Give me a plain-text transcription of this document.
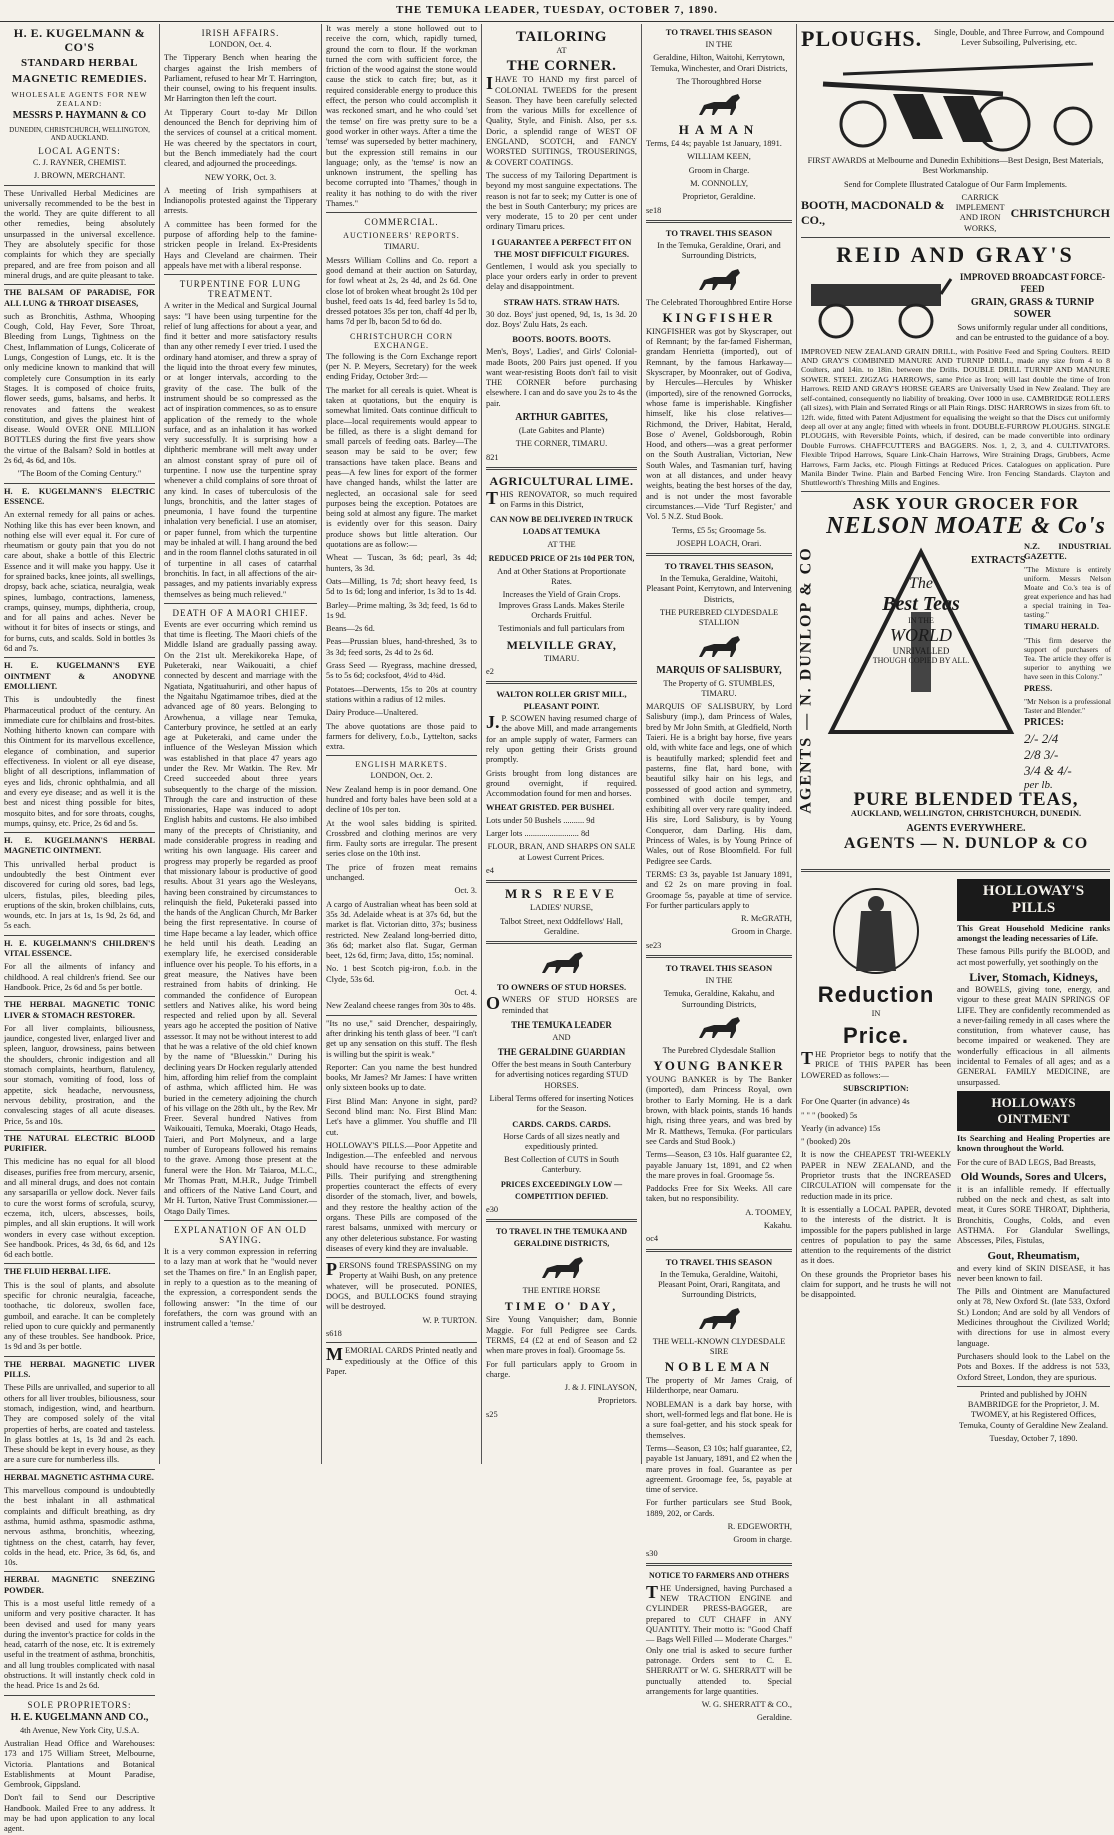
THE TEMUKA LEADER, TUESDAY, OCTOBER 7, 1890.
H. E. KUGELMANN & CO'S
STANDARD HERBAL
MAGNETIC REMEDIES.
WHOLESALE AGENTS FOR NEW ZEALAND:
MESSRS P. HAYMANN & CO
DUNEDIN, CHRISTCHURCH, WELLINGTON, AND AUCKLAND.
LOCAL AGENTS:
C. J. RAYNER, CHEMIST.
J. BROWN, MERCHANT.

These Unrivalled Herbal Medicines are universally recommended to be the best in the world. They are quite different to all other remedies, being absolutely unsurpassed in the universal excellence. They are absolutely specific for those complaints for which they are specially prepared, and are free from poison and all mineral drugs, and are quite pleasant to take.

THE BALSAM OF PARADISE, FOR ALL LUNG & THROAT DISEASES,

such as Bronchitis, Asthma, Whooping Cough, Cold, Hay Fever, Sore Throat, Bleeding from Lungs, Tightness on the Chest, Inflammation of Lungs, Colicerate of Lungs, Congestion of Lungs, etc. It is the only medicine known to mankind that will completely cure Consumption in its early Stages. It is composed of choice fruits, flower seeds, gums, balsams, and herbs. It renovates and fattens the weakest constitution, and gives the plainest hint of disease. Would OVER ONE MILLION BOTTLES during the first five years show the virtue of the Balsam? Sold in bottles at 2s 6d, 4s 6d, and 10s.

"The Boom of the Coming Century."

H. E. KUGELMANN'S ELECTRIC ESSENCE.

An external remedy for all pains or aches. Nothing like this has ever been known, and nothing else will ever equal it. For cure of rheumatism or gouty pain that you do not care about, shake a bottle of this Electric Essence and it will make you happy. Use it for sprained backs, knee joints, all swellings, dropsy, back ache, sciatica, neuralgia, weak spines, lumbago, contractions, lameness, cramps, quinsey, mumps, diphtheria, croup, and for all pains and aches. Never be without it for bites of insects or stings, and for burns, cuts, and scalds. Sold in bottles 3s 6d and 7s.

H. E. KUGELMANN'S EYE OINTMENT & ANODYNE EMOLLIENT.

This is undoubtedly the finest Pharmaceutical product of the century. An immediate cure for chilblains and frost-bites. Nothing hitherto known can compare with this Ointment for its marvellous excellence, elegance of combination, and superior effectiveness. In violent or all eye disease, blight of all descriptions, inflammation of eyes and lids, chronic ophthalmia, and all and every eye disease; and as well it is the best and nicest thing possible for bites, mosquito bites, and for sore throats, coughs, mumps, quinsy, etc. Price, 2s 6d and 5s.

H. E. KUGELMANN'S HERBAL MAGNETIC OINTMENT.

This unrivalled herbal product is undoubtedly the best Ointment ever discovered for curing old sores, bad legs, ulcers, fistulas, piles, bleeding piles, eruptions of the skin, broken chilblains, cuts, wounds, etc. In jars at 1s, 1s 9d, 2s 6d, and 5s each.

H. E. KUGELMANN'S CHILDREN'S VITAL ESSENCE.

For all the ailments of infancy and childhood. A real children's friend. See our Handbook. Price, 2s 6d and 5s per bottle.

THE HERBAL MAGNETIC TONIC LIVER & STOMACH RESTORER.

For all liver complaints, biliousness, jaundice, congested liver, enlarged liver and spleen, languor, drowsiness, pains between the shoulders, chronic indigestion and all stomach complaints, heartburn, flatulency, sour stomach, vomiting of food, loss of appetite, sick headache, nervousness, nervous debility, prostration, and the convalescing stages of all acute diseases. Price, 5s and 10s.

THE NATURAL ELECTRIC BLOOD PURIFIER.

This medicine has no equal for all blood diseases, purifies free from mercury, arsenic, and all mineral drugs, and does not contain any sarsaparilla or yellow dock. Never fails to cure the worst forms of scrofula, scurvy, eczema, itch, ulcers, abscesses, boils, pimples, and all skin eruptions. It will work wonders in every case without exception. See handbook. Prices, 4s 3d, 6s 6d, and 12s 6d each bottle.

THE FLUID HERBAL LIFE.

This is the soul of plants, and absolute specific for chronic neuralgia, faceache, toothache, tic doloreux, swollen face, gumboil, and earache. It can be completely relied upon to cure quickly and permanently any of these troubles. See handbook. Price, 1s 9d and 3s per bottle.

THE HERBAL MAGNETIC LIVER PILLS.

These Pills are unrivalled, and superior to all others for all liver troubles, biliousness, sour stomach, indigestion, wind, and heartburn. They are composed solely of the vital properties of herbs, are coated and tasteless. In glass bottles at 1s, 1s 3d and 2s each. These should be kept in every house, as they are a sure cure for numberless ills.

HERBAL MAGNETIC ASTHMA CURE.

This marvellous compound is undoubtedly the best inhalant in all asthmatical complaints and difficult breathing, as dry asthma, humid asthma, spasmodic asthma, nervous asthma, bronchitis, wheezing, tightness on the chest, catarrh, hay fever, colds in the head, etc. Price, 3s 6d, 6s, and 10s.

HERBAL MAGNETIC SNEEZING POWDER.

This is a most useful little remedy of a uniform and very positive character. It has been devised and used for many years during the inventor's practice for colds in the head, catarrh of the nose, etc. It is extremely useful in the treatment of asthma, bronchitis, and all lung troubles complicated with nasal obstructions. It will instantly check cold in the head. Price 1s and 2s 6d.

SOLE PROPRIETORS:
H. E. KUGELMANN AND CO.,
4th Avenue, New York City, U.S.A.

Australian Head Office and Warehouses: 173 and 175 William Street, Melbourne, Victoria. Plantations and Botanical Establishments at Mount Paradise, Gembrook, Gippsland.

Don't fail to Send our Descriptive Handbook. Mailed Free to any address. It may be had upon application to any local agent.

IRISH AFFAIRS.
LONDON, Oct. 4.

The Tipperary Bench when hearing the charges against the Irish members of Parliament, refused to hear Mr T. Harrington, their counsel, owing to his frequent insults. Mr Harrington then left the court.

At Tipperary Court to-day Mr Dillon denounced the Bench for depriving him of the services of counsel at a critical moment. He was cheered by the spectators in court, but the Bench immediately had the court cleared, and adjourned the proceedings.

NEW YORK, Oct. 3.

A meeting of Irish sympathisers at Indianopolis protested against the Tipperary arrests.

A committee has been formed for the purpose of affording help to the famine-stricken people in Ireland. Ex-Presidents Hays and Cleveland are chairmen. Their appeals have met with a liberal response.

TURPENTINE FOR LUNG TREATMENT.

A writer in the Medical and Surgical Journal says: "I have been using turpentine for the relief of lung affections for about a year, and find it better and more satisfactory results than any other remedy I ever tried. I used the ordinary hand atomiser, and threw a spray of the liquid into the throat every few minutes, or at longer intervals, according to the gravity of the case. The bulk of the instrument should be so compressed as the act of inspiration commences, so as to ensure application of the remedy to the whole surface, and as an inhalation it has worked very successfully. It is surprising how a diphtheric membrane will melt away under an almost constant spray of pure oil of turpentine. I now use the turpentine spray whenever a child complains of sore throat of any kind. In cases of tuberculosis of the lungs, bronchitis, and the latter stages of pneumonia, I have found the turpentine inhalation very beneficial. I use an atomiser, or paper funnel, from which the turpentine may be inhaled at will. I hang around the bed and in the room flannel cloths saturated in oil of turpentine in all cases of catarrhal bronchitis. In fact, in all affections of the air-passages, and my patients invariably express themselves as being much relieved."

DEATH OF A MAORI CHIEF.

Events are ever occurring which remind us that time is fleeting. The Maori chiefs of the Middle Island are gradually passing away. On the 21st ult. Merekikoreka Hape, of Puketeraki, near Waikouaiti, a chief connected by descent and marriage with the Ngatiata, Ngatituahuriri, and other hapus of the Ngaitahu Ngatimamoe tribes, died at the advanced age of 80 years. Belonging to Arowhenua, a village near Temuka, Canterbury province, he settled at an early age at Puketeraki, and came under the influence of the Wesleyan Mission which was established in that place 47 years ago under the Rev. Mr Watkin. The Rev. Mr Creed succeeded about three years subsequently to the charge of the mission. Through the care and instruction of these missionaries, Hape was induced to adopt English habits and customs. He also imbibed many of the precepts of Christianity, and made considerable progress in reading and writing his own language. His career and progress may properly be regarded as proof that missionary labour is productive of good results. About 31 years ago the Wesleyans, having been constrained by circumstances to relinquish the field, Puketeraki passed into the hands of the Anglican Church, Mr Barker being the first representative. In course of time Hape became a lay leader, which office he held until his death. Leading an exemplary life, he exercised considerable influence over his people. To his efforts, in a great measure, the Natives have been restrained from habits of drinking. He commanded the confidence of European settlers and Natives alike, his word being respected and relied upon by all. Several years ago he accepted the position of Native assessor. It may not be without interest to add that he was a relative of the old chief known by the name of "Bluesskin." During his declining years Dr Hocken regularly attended him, affording him relief from the complaint of asthma, which afflicted him. He was buried in the cemetery adjoining the church of his village on the 28th ult., by the Rev. Mr Freer. Several hundred Natives from Waikouaiti, Temuka, Moeraki, Otago Heads, Taieri, and Port Molyneux, and a large number of Europeans followed his remains to the grave. Among those present at the funeral were the Hon. Mr Taiaroa, M.L.C., Mr Thomas Pratt, M.H.R., Judge Trimbell and officers of the Native Land Court, and Mr H. Turton, Native Trust Commissioner.—Otago Daily Times.

EXPLANATION OF AN OLD SAYING.

It is a very common expression in referring to a lazy man at work that he "would never set the Thames on fire." In an English paper, in reply to a question as to the meaning of the expression, a correspondent sends the following answer: "In the time of our forefathers, the corn was ground with an instrument called a 'temse.'

It was merely a stone hollowed out to receive the corn, which, rapidly turned, ground the corn to flour. If the workman turned the corn with sufficient force, the friction of the wood against the stone would cause the stick to catch fire; but, as it required considerable energy to produce this effect, the person who could accomplish it was reckoned smart, and he who could 'set the temse' on fire was pretty sure to be a good worker in other ways. After a time the 'temse' was superseded by better machinery, but the expression still remains in our language; only, as the 'temse' is now an unknown instrument, the spelling has become corrupted into 'Thames,' though in reality it has nothing to do with the river Thames."

COMMERCIAL.
AUCTIONEERS' REPORTS.
TIMARU.

Messrs William Collins and Co. report a good demand at their auction on Saturday, for fowl wheat at 2s, 2s 4d, and 2s 6d. One close lot of broken wheat brought 2s 10d per bushel, feed oats 1s 4d, feed barley 1s 5d to, dressed potatoes 35s per ton, chaff 4d per lb, hams 7d per lb, bacon 5d to 6d do.

CHRISTCHURCH CORN EXCHANGE.

The following is the Corn Exchange report (per N. P. Meyers, Secretary) for the week ending Friday, October 3rd:—

The market for all cereals is quiet. Wheat is taken at quotations, but the enquiry is somewhat limited. Oats continue difficult to place—local requirements would appear to be filled, as there is a slight demand for small parcels of feeding oats. Barley—The season may be said to be over; few transactions have taken place. Beans and peas—A few lines for export of the former have changed hands, whilst the latter are neglected, an occasional sale for seed purposes being the exception. Potatoes are being sold at almost any figure. The market is evidently over for this season. Dairy produce shows but little alteration. Our quotations are as follow:—

Wheat — Tuscan, 3s 6d; pearl, 3s 4d; hunters, 3s 3d.

Oats—Milling, 1s 7d; short heavy feed, 1s 5d to 1s 6d; long and inferior, 1s 3d to 1s 4d.

Barley—Prime malting, 3s 3d; feed, 1s 6d to 1s 9d.

Beans—2s 6d.

Peas—Prussian blues, hand-threshed, 3s to 3s 3d; feed sorts, 2s 4d to 2s 6d.

Grass Seed — Ryegrass, machine dressed, 5s to 5s 6d; cocksfoot, 4½d to 4¾d.

Potatoes—Derwents, 15s to 20s at country stations within a radius of 12 miles.

Dairy Produce—Unaltered.

The above quotations are those paid to farmers for delivery, f.o.b., Lyttelton, sacks extra.

ENGLISH MARKETS.
LONDON, Oct. 2.

New Zealand hemp is in poor demand. One hundred and forty bales have been sold at a decline of 10s per ton.

At the wool sales bidding is spirited. Crossbred and clothing merinos are very firm. Faulty sorts are irregular. The present series close on the 10th inst.

The price of frozen meat remains unchanged.

Oct. 3.

A cargo of Australian wheat has been sold at 35s 3d. Adelaide wheat is at 37s 6d, but the market is flat. Victorian ditto, 37s; business restricted. New Zealand long-berried ditto, 36s 6d; market also flat. Sugar, German beet, 12s 6d, firm; Java, ditto, 15s; nominal.

No. 1 best Scotch pig-iron, f.o.b. in the Clyde, 53s 6d.

Oct. 4.

New Zealand cheese ranges from 30s to 48s.

"Its no use," said Drencher, despairingly, after drinking his tenth glass of beer. "I can't get up any sensation on this stuff. The flesh is willing but the spirit is weak."

Reporter: Can you name the best hundred books, Mr James? Mr James: I have written only sixteen books up to date.

First Blind Man: Anyone in sight, pard? Second blind man: No. First Blind Man: Let's have a glimmer. You shuffle and I'll cut.

HOLLOWAY'S PILLS.—Poor Appetite and Indigestion.—The enfeebled and nervous should have recourse to these admirable Pills. Their purifying and strengthening properties counteract the effects of every disorder of the stomach, liver, and bowels, and they restore the healthy action of the organs. These Pills are composed of the rarest balsams, unmixed with mercury or any other deleterious substance. For wasting diseases of every kind they are invaluable.

PERSONS found TRESPASSING on my Property at Waihi Bush, on any pretence whatever, will be prosecuted. PONIES, DOGS, and BULLOCKS found straying will be destroyed.

W. P. TURTON.
s618

MEMORIAL CARDS Printed neatly and expeditiously at the Office of this Paper.

TAILORING
AT
THE CORNER.

IHAVE TO HAND my first parcel of COLONIAL TWEEDS for the present Season. They have been carefully selected from the various Mills for excellence of Quality, Style, and Finish. Also, per s.s. Doric, a splendid range of WEST OF ENGLAND, SCOTCH, and FANCY WORSTED SUITINGS, TROUSERINGS, & COVERT COATINGS.

The success of my Tailoring Department is beyond my most sanguine expectations. The reason is not far to seek; my Cutter is one of the best in South Canterbury; my prices are very moderate, 15 to 20 per cent under ordinary Timaru prices.

I GUARANTEE A PERFECT FIT ON THE MOST DIFFICULT FIGURES.

Gentlemen, I would ask you specially to place your orders early in order to prevent delay and disappointment.

STRAW HATS. STRAW HATS.

30 doz. Boys' just opened, 9d, 1s, 1s 3d. 20 doz. Boys' Zulu Hats, 2s each.

BOOTS. BOOTS. BOOTS.

Men's, Boys', Ladies', and Girls' Colonial-made Boots, 200 Pairs just opened. If you want wear-resisting Boots don't fail to visit THE CORNER before purchasing elsewhere. I can and do save you 2s to 4s the pair.

ARTHUR GABITES,
(Late Gabites and Plante)
THE CORNER, TIMARU.
821
AGRICULTURAL LIME.

THIS RENOVATOR, so much required on Farms in this District,

CAN NOW BE DELIVERED IN TRUCK LOADS AT TEMUKA
AT THE
REDUCED PRICE OF 21s 10d PER TON,
And at Other Stations at Proportionate Rates.

Increases the Yield of Grain Crops. Improves Grass Lands. Makes Sterile Orchards Fruitful.

Testimonials and full particulars from
MELVILLE GRAY,
TIMARU.
e2
WALTON ROLLER GRIST MILL, PLEASANT POINT.

J.P. SCOWEN having resumed charge of the above Mill, and made arrangements for an ample supply of water, Farmers can rely upon getting their Grists ground promptly.

Grists brought from long distances are ground overnight, if required. Accommodation found for men and horses.

WHEAT GRISTED. PER BUSHEL
Lots under 50 Bushels .......... 9d
Larger lots .......................... 8d
FLOUR, BRAN, AND SHARPS ON SALE at Lowest Current Prices.
e4
MRS REEVE
LADIES' NURSE,
Talbot Street, next Oddfellows' Hall, Geraldine.
TO OWNERS OF STUD HORSES.

OWNERS OF STUD HORSES are reminded that

THE TEMUKA LEADER
AND
THE GERALDINE GUARDIAN

Offer the best means in South Canterbury for advertising notices regarding STUD HORSES.

Liberal Terms offered for inserting Notices for the Season.

CARDS. CARDS. CARDS.

Horse Cards of all sizes neatly and expeditiously printed.

Best Collection of CUTS in South Canterbury.

PRICES EXCEEDINGLY LOW — COMPETITION DEFIED.
e30
TO TRAVEL IN THE TEMUKA AND GERALDINE DISTRICTS,
THE ENTIRE HORSE
TIME O' DAY,

Sire Young Vanquisher; dam, Bonnie Maggie. For full Pedigree see Cards. TERMS, £4 (£2 at end of Season and £2 when mare proves in foal). Groomage 5s.

For full particulars apply to Groom in charge.

J. & J. FINLAYSON,
Proprietors.
s25
TO TRAVEL THIS SEASON
IN THE

Geraldine, Hilton, Waitohi, Kerrytown, Temuka, Winchester, and Orari Districts,

The Thoroughbred Horse
HAMAN

Terms, £4 4s; payable 1st January, 1891.

WILLIAM KEEN,
Groom in Charge.
M. CONNOLLY,
Proprietor, Geraldine.
se18
TO TRAVEL THIS SEASON

In the Temuka, Geraldine, Orari, and Surrounding Districts,

The Celebrated Thoroughbred Entire Horse
KINGFISHER

KINGFISHER was got by Skyscraper, out of Remnant; by the far-famed Fisherman, grandam Henrietta (imported), out of Remnant, by the famous Harkaway—Skyscraper, by Moonraker, out of Godiva, by Hercules—Hercules by Whisker (imported), sire of the renowned Gorrocks, whose fame is imperishable. Kingfisher himself, like his close relatives—Richmond, the Driver, Habitat, Herald, Bose o' Avenel, Goldsborough, Robin Hood, and others—was a great performer on the South Australian, Victorian, New South Wales, and Tasmanian turf, having won at all distances, and under heavy weights, beating the best horses of the day, and is not under the most favorable circumstances.—Vide 'Turf Register,' and Vol. 5 N.Z. Stud Book.

Terms, £5 5s; Groomage 5s.
JOSEPH LOACH, Orari.
TO TRAVEL THIS SEASON,

In the Temuka, Geraldine, Waitohi, Pleasant Point, Kerrytown, and Intervening Districts,

THE PUREBRED CLYDESDALE STALLION
MARQUIS OF SALISBURY,
The Property of G. STUMBLES, TIMARU.

MARQUIS OF SALISBURY, by Lord Salisbury (imp.), dam Princess of Wales, bred by Mr John Smith, at Gledfield, North Taieri. He is a bright bay horse, five years old, with white face and legs, one of which is beautifully marked; splendid feet and pasterns, fine flat, hard bone, with beautiful silky hair on his legs, and possessed of good action and symmetry, combined with docile temper, and exhibiting all over very rare quality indeed. His sire, Lord Salisbury, is by Young Conqueror, dam Darling. His dam, Princess of Wales, is by Young Prince of Wales, out of Rose Bloomfield. For full Pedigree see Cards.

TERMS: £3 3s, payable 1st January 1891, and £2 2s on mare proving in foal. Groomage 5s, payable at time of service. For further particulars apply to

R. McGRATH,
Groom in Charge.
se23
TO TRAVEL THIS SEASON
IN THE

Temuka, Geraldine, Kakahu, and Surrounding Districts,

The Purebred Clydesdale Stallion
YOUNG BANKER

YOUNG BANKER is by The Banker (imported), dam Princess Royal, own brother to Early Morning. He is a dark brown, with black points, stands 16 hands high, rising three years, and was bred by Mr R. Matthews, Temuka. (For particulars see Cards and Stud Book.)

Terms—Season, £3 10s. Half guarantee £2, payable January 1st, 1891, and £2 when the mare proves in foal. Groomage 5s.

Paddocks Free for Six Weeks. All care taken, but no responsibility.

A. TOOMEY,
Kakahu.
oc4
TO TRAVEL THIS SEASON

In the Temuka, Geraldine, Waitohi, Pleasant Point, Orari, Rangitata, and Surrounding Districts,

THE WELL-KNOWN CLYDESDALE SIRE
NOBLEMAN

The property of Mr James Craig, of Hilderthorpe, near Oamaru.

NOBLEMAN is a dark bay horse, with short, well-formed legs and flat bone. He is a sure foal-getter, and his stock speak for themselves.

Terms—Season, £3 10s; half guarantee, £2, payable 1st January, 1891, and £2 when the mare proves in foal. Guarantee as per agreement. Groomage fee, 5s, payable at time of service.

For further particulars see Stud Book, 1889, 202, or Cards.

R. EDGEWORTH,
Groom in charge.
s30
NOTICE TO FARMERS AND OTHERS

THE Undersigned, having Purchased a NEW TRACTION ENGINE and CYLINDER PRESS-BAGGER, are prepared to CUT CHAFF in ANY QUANTITY. Their motto is: "Good Chaff — Bags Well Filled — Moderate Charges." Only one trial is asked to secure further patronage. Orders sent to C. E. SHERRATT or W. G. SHERRATT will be punctually attended to. Special arrangements for large quantities.

W. G. SHERRATT & CO.,
Geraldine.
PLOUGHS.	Single, Double, and Three Furrow, and Compound Lever Subsoiling, Pulverising, etc.

FIRST AWARDS at Melbourne and Dunedin Exhibitions—Best Design, Best Materials, Best Workmanship.

Send for Complete Illustrated Catalogue of Our Farm Implements.

BOOTH, MACDONALD & CO.,
CARRICK IMPLEMENT AND IRON WORKS,
CHRISTCHURCH
REID AND GRAY'S
IMPROVED BROADCAST FORCE-FEED
GRAIN, GRASS & TURNIP SOWER

Sows uniformly regular under all conditions, and can be entrusted to the guidance of a boy.

IMPROVED NEW ZEALAND GRAIN DRILL, with Positive Feed and Spring Coulters. REID AND GRAY'S COMBINED MANURE AND TURNIP DRILL, made any size from 4 to 8 Coulters, and 14in. to 18in. between the Drills. DOUBLE DRILL TURNIP AND MANURE SOWER. STEEL ZIGZAG HARROWS, same Price as Iron; will last double the time of Iron Harrows. REID AND GRAY'S HORSE GEARS are Universally Used in New Zealand. They are self-contained, consequently no liability of breaking. Over 1000 in use. CAMBRIDGE ROLLERS (all sizes), with Plain and Serrated Rings or all Plain Rings. DISC HARROWS in sizes from 6ft. to 12ft. wide, fitted with Patent Adjustment for equalising the weight so that the Discs cut uniformly deep all over at any angle; fitted with wheels in front. DOUBLE-FURROW PLOUGHS. SINGLE PLOUGHS, with Reversible Points, which, if desired, can be made convertible into ordinary Double Furrows. CHAFFCUTTERS and BAGGERS. Nos. 1, 2, 3, and 4. CULTIVATORS. Flexible Tripod Harrows, Square Link-Chain Harrows, Wire Straining Drags, Grubbers, Acme Harrows, Farm Jacks, etc. Plough Fittings at Reduced Prices. Catalogues on application. Pure Manila Binder Twine. Plain and Barbed Fencing Wire. Iron Fencing Standards. Clayton and Shuttleworth's Threshing Mills and Engines.

AGENTS — N. DUNLOP & CO
ASK YOUR GROCER FOR
NELSON MOATE & Co's
N.Z. INDUSTRIAL GAZETTE.

"The Mixture is entirely uniform. Messrs Nelson Moate and Co.'s tea is of great experience and has had a special training in Tea-tasting."

TIMARU HERALD.

"This firm deserve the support of purchasers of Tea. The article they offer is superior to anything we have seen in this Colony."

PRESS.

"Mr Nelson is a professional Taster and Blender."

PRICES:
2/- 2/4
2/8 3/-
3/4 & 4/-
per lb.
The
Best Teas
IN THE
WORLD
UNRIVALLED
THOUGH COPIED BY ALL.
EXTRACTS
PURE BLENDED TEAS,
AUCKLAND, WELLINGTON, CHRISTCHURCH, DUNEDIN.
AGENTS EVERYWHERE.
AGENTS — N. DUNLOP & CO
Reduction
IN
Price.

THE Proprietor begs to notify that the PRICE of THIS PAPER has been LOWERED as follows:—

SUBSCRIPTION:
For One Quarter (in advance) 4s
" " " (booked) 5s
Yearly (in advance) 15s
" (booked) 20s

It is now the CHEAPEST TRI-WEEKLY PAPER in NEW ZEALAND, and the Proprietor trusts that the INCREASED CIRCULATION will compensate for the reduction made in its price.

It is essentially a LOCAL PAPER, devoted to the interests of the district. It is impossible for the papers published in large centres of population to pay the same attention to the requirements of the district as it does.

On these grounds the Proprietor bases his claim for support, and he trusts he will not be disappointed.

HOLLOWAY'S PILLS

This Great Household Medicine ranks amongst the leading necessaries of Life.

These famous Pills purify the BLOOD, and act most powerfully, yet soothingly on the

Liver, Stomach, Kidneys,

and BOWELS, giving tone, energy, and vigour to these great MAIN SPRINGS OF LIFE. They are confidently recommended as a never-failing remedy in all cases where the constitution, from whatever cause, has become impaired or weakened. They are wonderfully efficacious in all ailments incidental to Females of all ages; and as a GENERAL FAMILY MEDICINE, are unsurpassed.

HOLLOWAYS OINTMENT

Its Searching and Healing Properties are known throughout the World.

For the cure of BAD LEGS, Bad Breasts,

Old Wounds, Sores and Ulcers,

it is an infallible remedy. If effectually rubbed on the neck and chest, as salt into meat, it Cures SORE THROAT, Diphtheria, Bronchitis, Coughs, Colds, and even ASTHMA. For Glandular Swellings, Abscesses, Piles, Fistulas,

Gout, Rheumatism,

and every kind of SKIN DISEASE, it has never been known to fail.

The Pills and Ointment are Manufactured only at 78, New Oxford St. (late 533, Oxford St.) London; And are sold by all Vendors of Medicines throughout the Civilized World; with directions for use in almost every language.

Purchasers should look to the Label on the Pots and Boxes. If the address is not 533, Oxford Street, London, they are spurious.

Printed and published by JOHN BAMBRIDGE for the Proprietor, J. M. TWOMEY, at his Registered Offices, Temuka, County of Geraldine New Zealand.

Tuesday, October 7, 1890.
